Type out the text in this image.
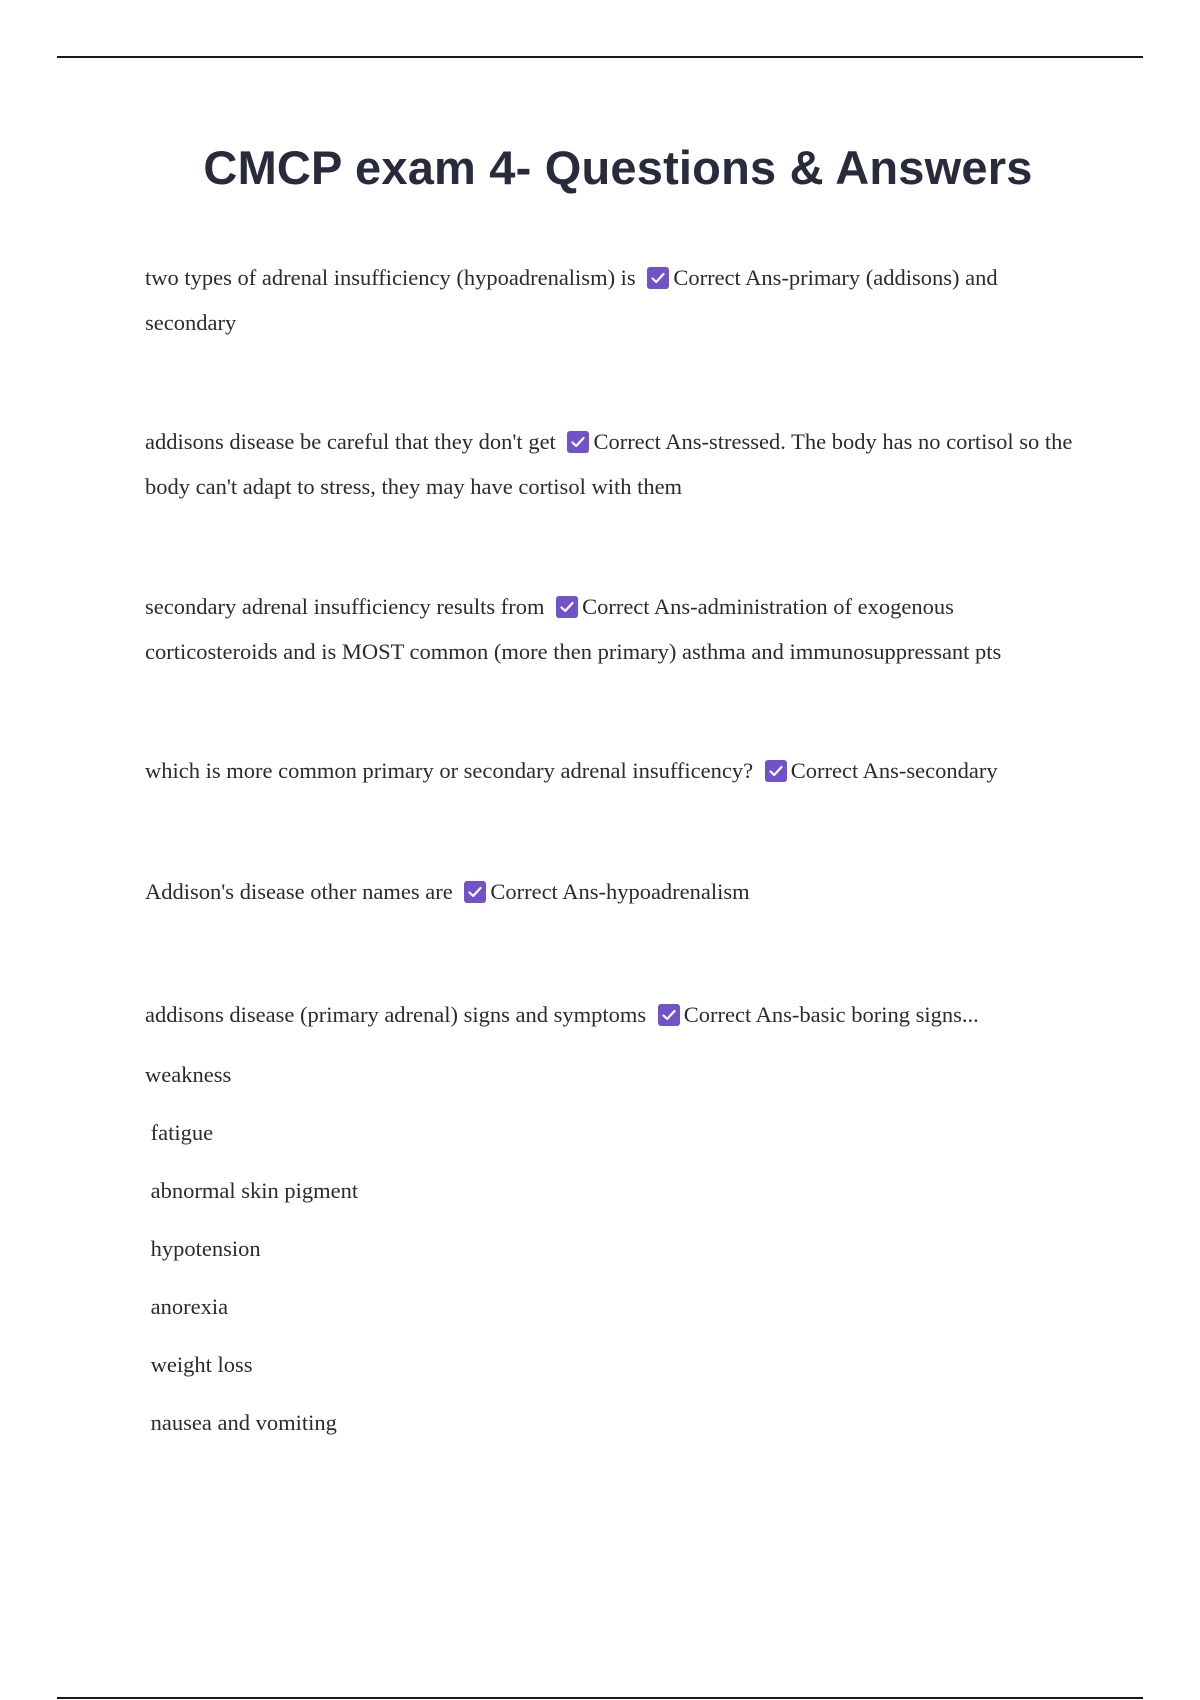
CMCP exam 4- Questions & Answers

two types of adrenal insufficiency (hypoadrenalism) is Correct Ans-primary (addisons) and secondary

addisons disease be careful that they don't get Correct Ans-stressed. The body has no cortisol so the body can't adapt to stress, they may have cortisol with them

secondary adrenal insufficiency results from Correct Ans-administration of exogenous corticosteroids and is MOST common (more then primary) asthma and immunosuppressant pts

which is more common primary or secondary adrenal insufficency? Correct Ans-secondary

Addison's disease other names are Correct Ans-hypoadrenalism

addisons disease (primary adrenal) signs and symptoms Correct Ans-basic boring signs...

weakness
fatigue
abnormal skin pigment
hypotension
anorexia
weight loss
nausea and vomiting
